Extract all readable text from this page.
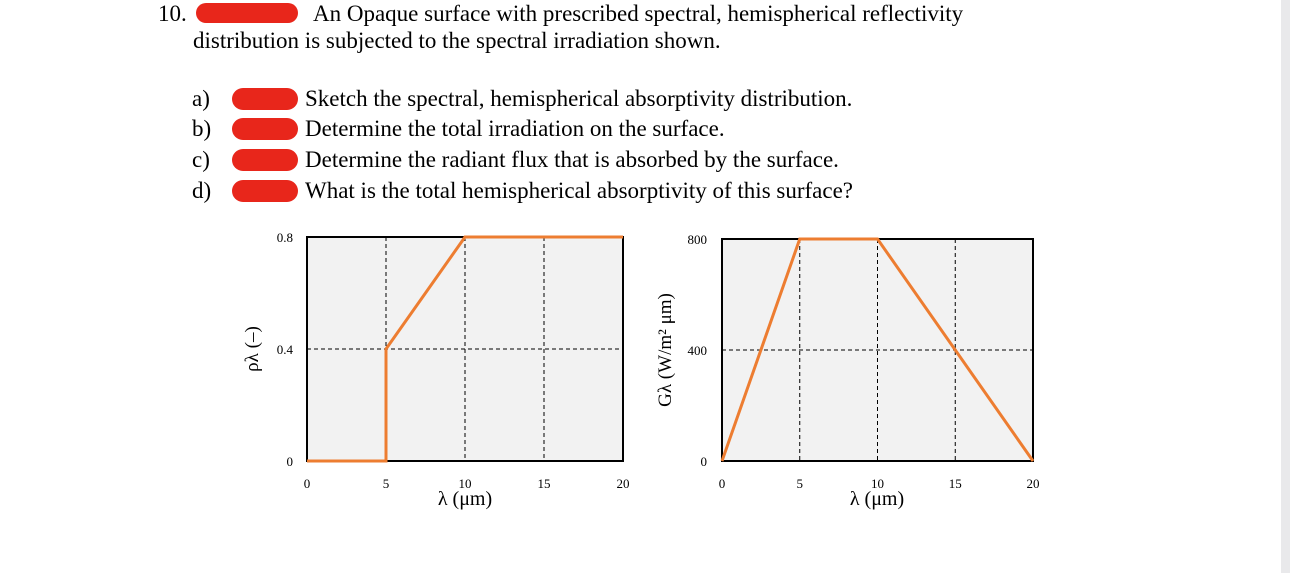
10.	An Opaque surface with prescribed spectral, hemispherical reflectivity
distribution is subjected to the spectral irradiation shown.
a)	Sketch the spectral, hemispherical absorptivity distribution.
b)	Determine the total irradiation on the surface.
c)	Determine the radiant flux that is absorbed by the surface.
d)	What is the total hemispherical absorptivity of this surface?
0	5	10	15	20
0
0.4
0.8
λ (μm)
ρλ (–)
0	5	10	15	20
0
400
800
λ (μm)
Gλ (W/m² μm)
